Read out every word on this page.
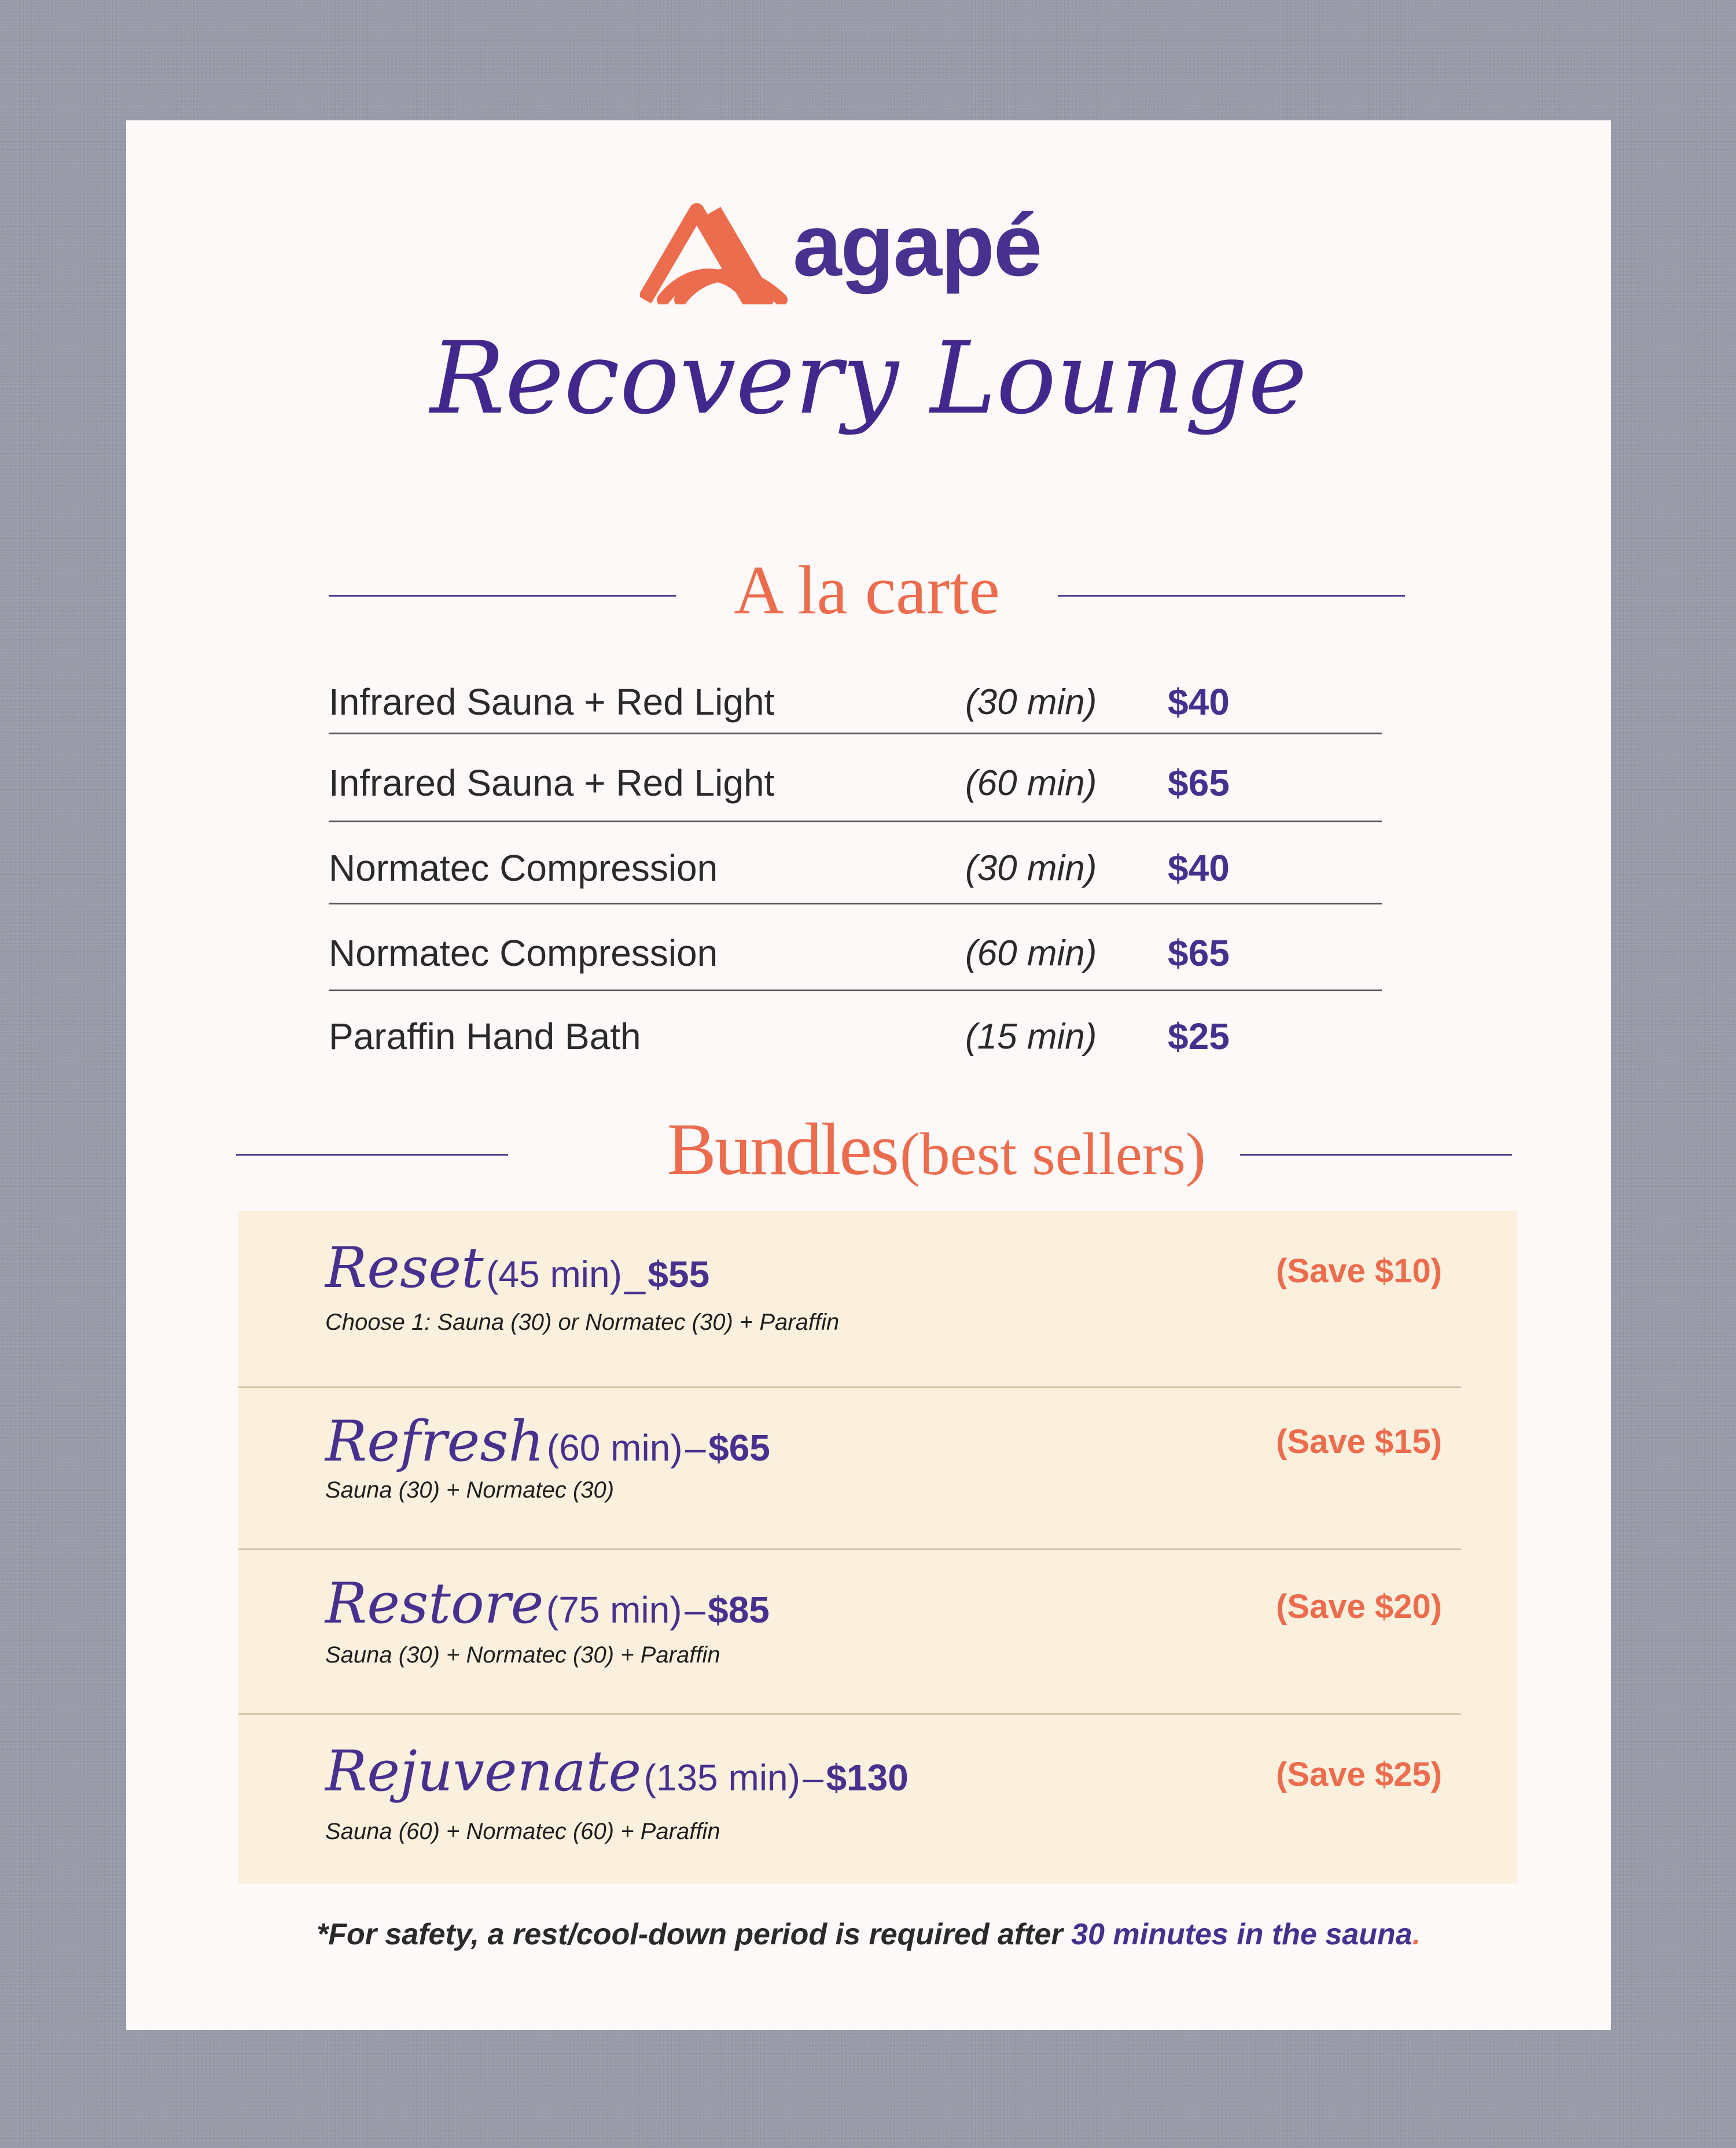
agapé
Recovery Lounge
A la carte
Infrared Sauna + Red Light	(30 min) $40
Infrared Sauna + Red Light	(60 min) $65
Normatec Compression	(30 min) $40
Normatec Compression	(60 min) $65
Paraffin Hand Bath	(15 min) $25
Bundles (best sellers)
Reset (45 min) _ $55
Choose 1: Sauna (30) or Normatec (30) + Paraffin
(Save $10)
Refresh (60 min) – $65
Sauna (30) + Normatec (30)
(Save $15)
Restore (75 min) – $85
Sauna (30) + Normatec (30) + Paraffin
(Save $20)
Rejuvenate (135 min) – $130
Sauna (60) + Normatec (60) + Paraffin
(Save $25)
*For safety, a rest/cool-down period is required after 30 minutes in the sauna.
